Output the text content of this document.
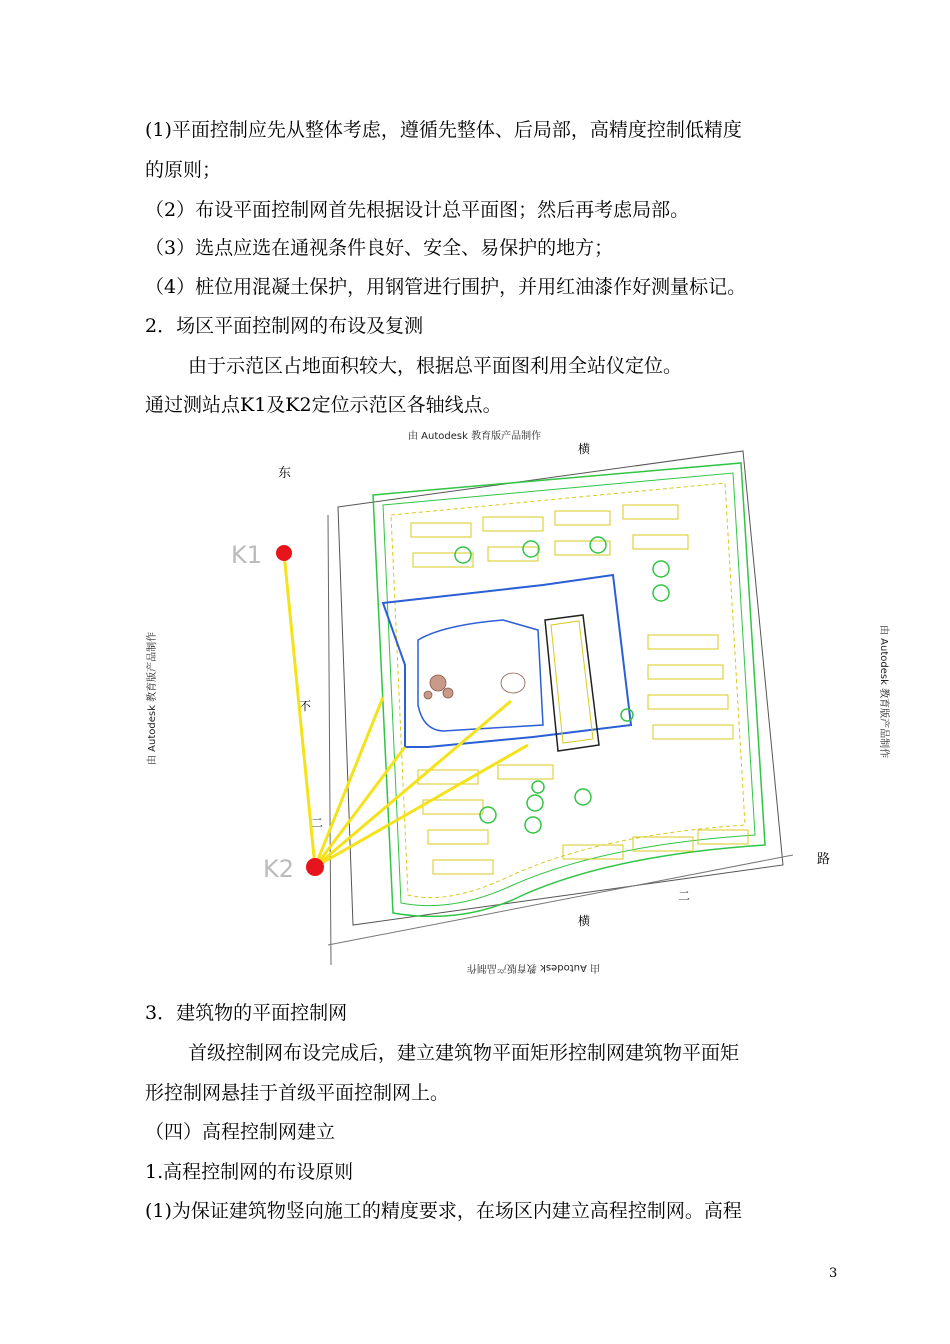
(1)平面控制应先从整体考虑，遵循先整体、后局部，高精度控制低精度
的原则；
（2）布设平面控制网首先根据设计总平面图；然后再考虑局部。
（3）选点应选在通视条件良好、安全、易保护的地方；
（4）桩位用混凝土保护，用钢管进行围护，并用红油漆作好测量标记。
2．场区平面控制网的布设及复测
由于示范区占地面积较大，根据总平面图利用全站仪定位。
通过测站点K1及K2定位示范区各轴线点。
由 Autodesk 教育版产品制作
由 Autodesk 教育版产品制作
由 Autodesk 教育版产品制作	由 Autodesk 教育版产品制作
东
横
横
路
二
二
不
K1
K2
3．建筑物的平面控制网
首级控制网布设完成后，建立建筑物平面矩形控制网建筑物平面矩
形控制网悬挂于首级平面控制网上。
（四）高程控制网建立
1.高程控制网的布设原则
(1)为保证建筑物竖向施工的精度要求，在场区内建立高程控制网。高程
3
